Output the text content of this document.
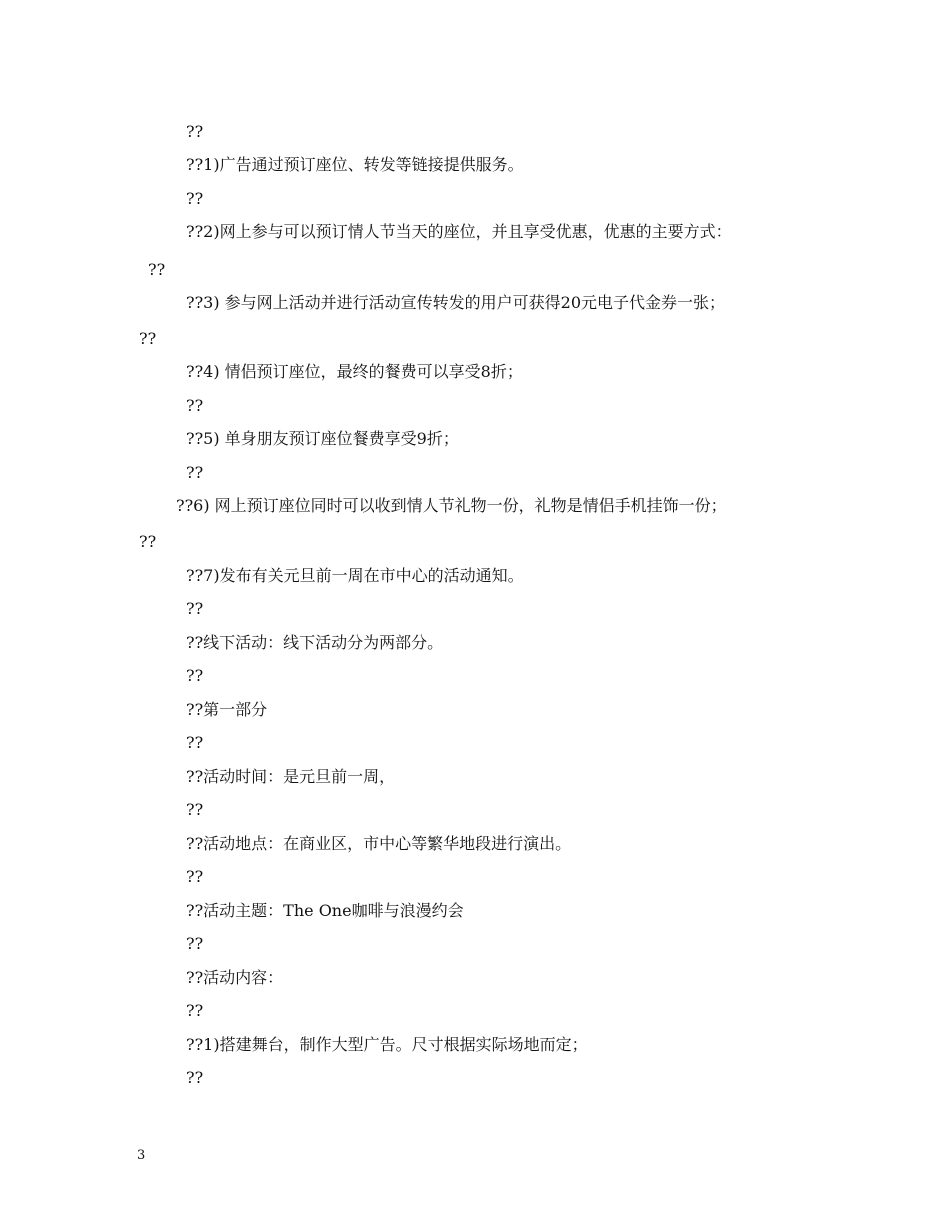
??
??1)广告通过预订座位、转发等链接提供服务。
??
??2)网上参与可以预订情人节当天的座位，并且享受优惠，优惠的主要方式：
??
??3) 参与网上活动并进行活动宣传转发的用户可获得20元电子代金券一张；
??
??4) 情侣预订座位，最终的餐费可以享受8折；
??
??5) 单身朋友预订座位餐费享受9折；
??
??6) 网上预订座位同时可以收到情人节礼物一份，礼物是情侣手机挂饰一份；
??
??7)发布有关元旦前一周在市中心的活动通知。
??
??线下活动：线下活动分为两部分。
??
??第一部分
??
??活动时间：是元旦前一周，
??
??活动地点：在商业区，市中心等繁华地段进行演出。
??
??活动主题：The One咖啡与浪漫约会
??
??活动内容：
??
??1)搭建舞台，制作大型广告。尺寸根据实际场地而定；
??
3
